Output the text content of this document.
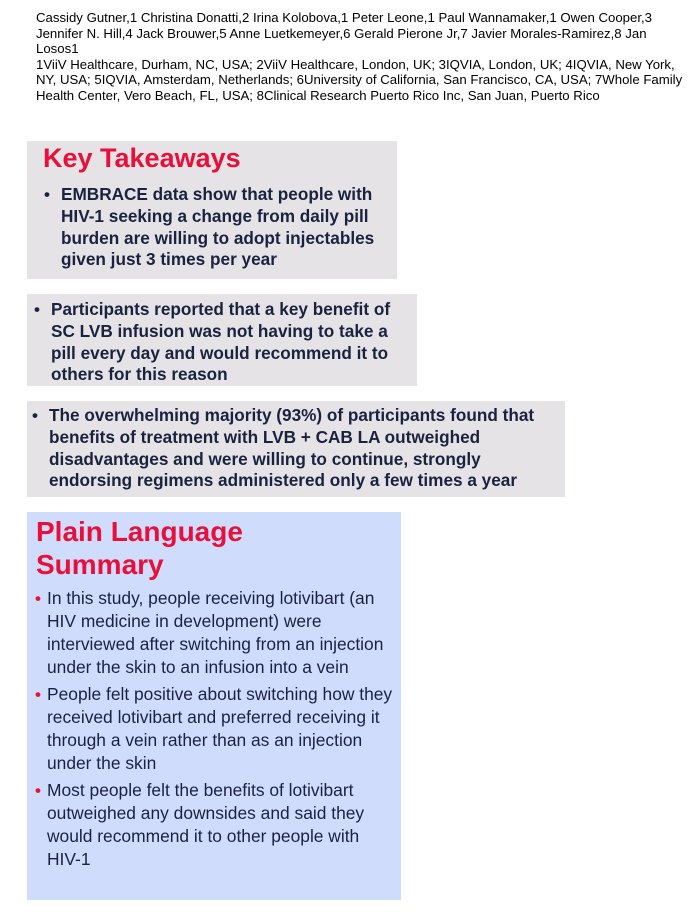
Cassidy Gutner,1 Christina Donatti,2 Irina Kolobova,1 Peter Leone,1 Paul Wannamaker,1 Owen Cooper,3 Jennifer N. Hill,4 Jack Brouwer,5 Anne Luetkemeyer,6 Gerald Pierone Jr,7 Javier Morales-Ramirez,8 Jan Losos1

1ViiV Healthcare, Durham, NC, USA; 2ViiV Healthcare, London, UK; 3IQVIA, London, UK; 4IQVIA, New York, NY, USA; 5IQVIA, Amsterdam, Netherlands; 6University of California, San Francisco, CA, USA; 7Whole Family Health Center, Vero Beach, FL, USA; 8Clinical Research Puerto Rico Inc, San Juan, Puerto Rico

Key Takeaways
• EMBRACE data show that people with HIV-1 seeking a change from daily pill burden are willing to adopt injectables given just 3 times per year
• Participants reported that a key benefit of SC LVB infusion was not having to take a pill every day and would recommend it to others for this reason
• The overwhelming majority (93%) of participants found that benefits of treatment with LVB + CAB LA outweighed disadvantages and were willing to continue, strongly endorsing regimens administered only a few times a year
Plain Language Summary
• In this study, people receiving lotivibart (an HIV medicine in development) were interviewed after switching from an injection under the skin to an infusion into a vein
• People felt positive about switching how they received lotivibart and preferred receiving it through a vein rather than as an injection under the skin
• Most people felt the benefits of lotivibart outweighed any downsides and said they would recommend it to other people with HIV-1
